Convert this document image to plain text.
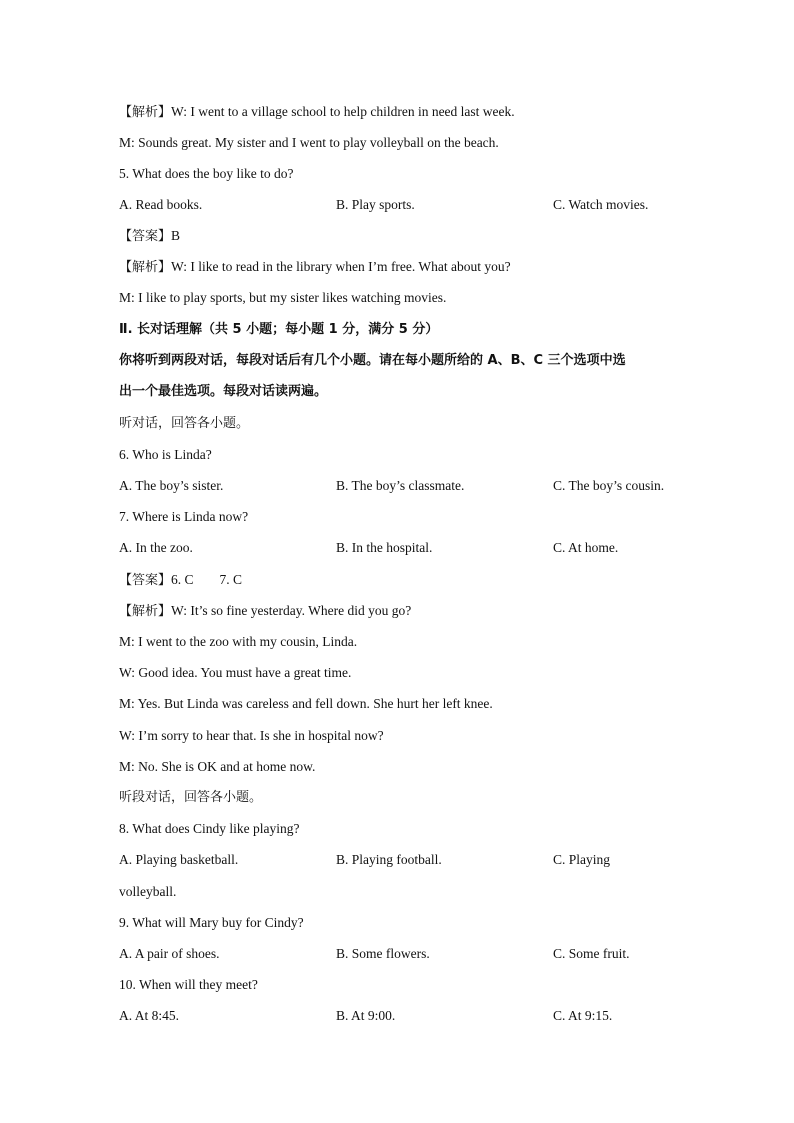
【解析】W: I went to a village school to help children in need last week.
M: Sounds great. My sister and I went to play volleyball on the beach.
5. What does the boy like to do?
A. Read books.	B. Play sports.	C. Watch movies.
【答案】B
【解析】W: I like to read in the library when I’m free. What about you?
M: I like to play sports, but my sister likes watching movies.
Ⅱ. 长对话理解（共 5 小题；每小题 1 分，满分 5 分）
你将听到两段对话，每段对话后有几个小题。请在每小题所给的 A、B、C 三个选项中选
出一个最佳选项。每段对话读两遍。
听对话，回答各小题。
6. Who is Linda?
A. The boy’s sister.	B. The boy’s classmate.	C. The boy’s cousin.
7. Where is Linda now?
A. In the zoo.	B. In the hospital.	C. At home.
【答案】6. C 7. C
【解析】W: It’s so fine yesterday. Where did you go?
M: I went to the zoo with my cousin, Linda.
W: Good idea. You must have a great time.
M: Yes. But Linda was careless and fell down. She hurt her left knee.
W: I’m sorry to hear that. Is she in hospital now?
M: No. She is OK and at home now.
听段对话，回答各小题。
8. What does Cindy like playing?
A. Playing basketball.	B. Playing football.	C. Playing
volleyball.
9. What will Mary buy for Cindy?
A. A pair of shoes.	B. Some flowers.	C. Some fruit.
10. When will they meet?
A. At 8:45.	B. At 9:00.	C. At 9:15.
